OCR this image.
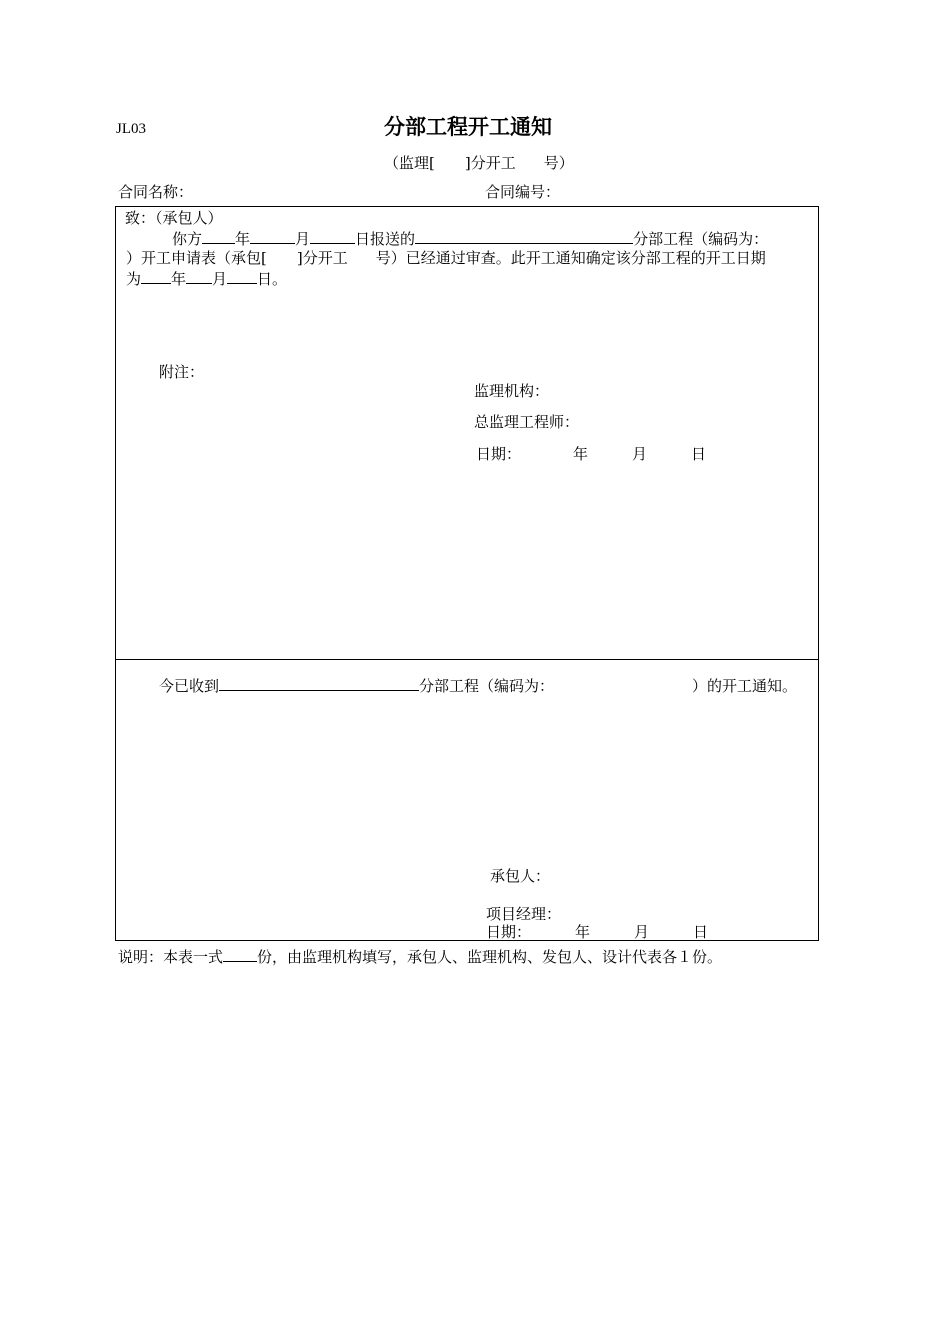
JL03	分部工程开工通知
（监理[ ]分开工 号）
合同名称：	合同编号：
致：（承包人）
你方 年	月	日报送的	分部工程（编码为：
）开工申请表（承包[ ]分开工 号）已经通过审查。此开工通知确定该分部工程的开工日期
为 年 月 日。
附注：
监理机构：
总监理工程师：
日期：	年	月	日
今已收到	分部工程（编码为：	）的开工通知。
承包人：
项目经理：
日期：	年	月	日
说明：本表一式 份，由监理机构填写，承包人、监理机构、发包人、设计代表各１份。
